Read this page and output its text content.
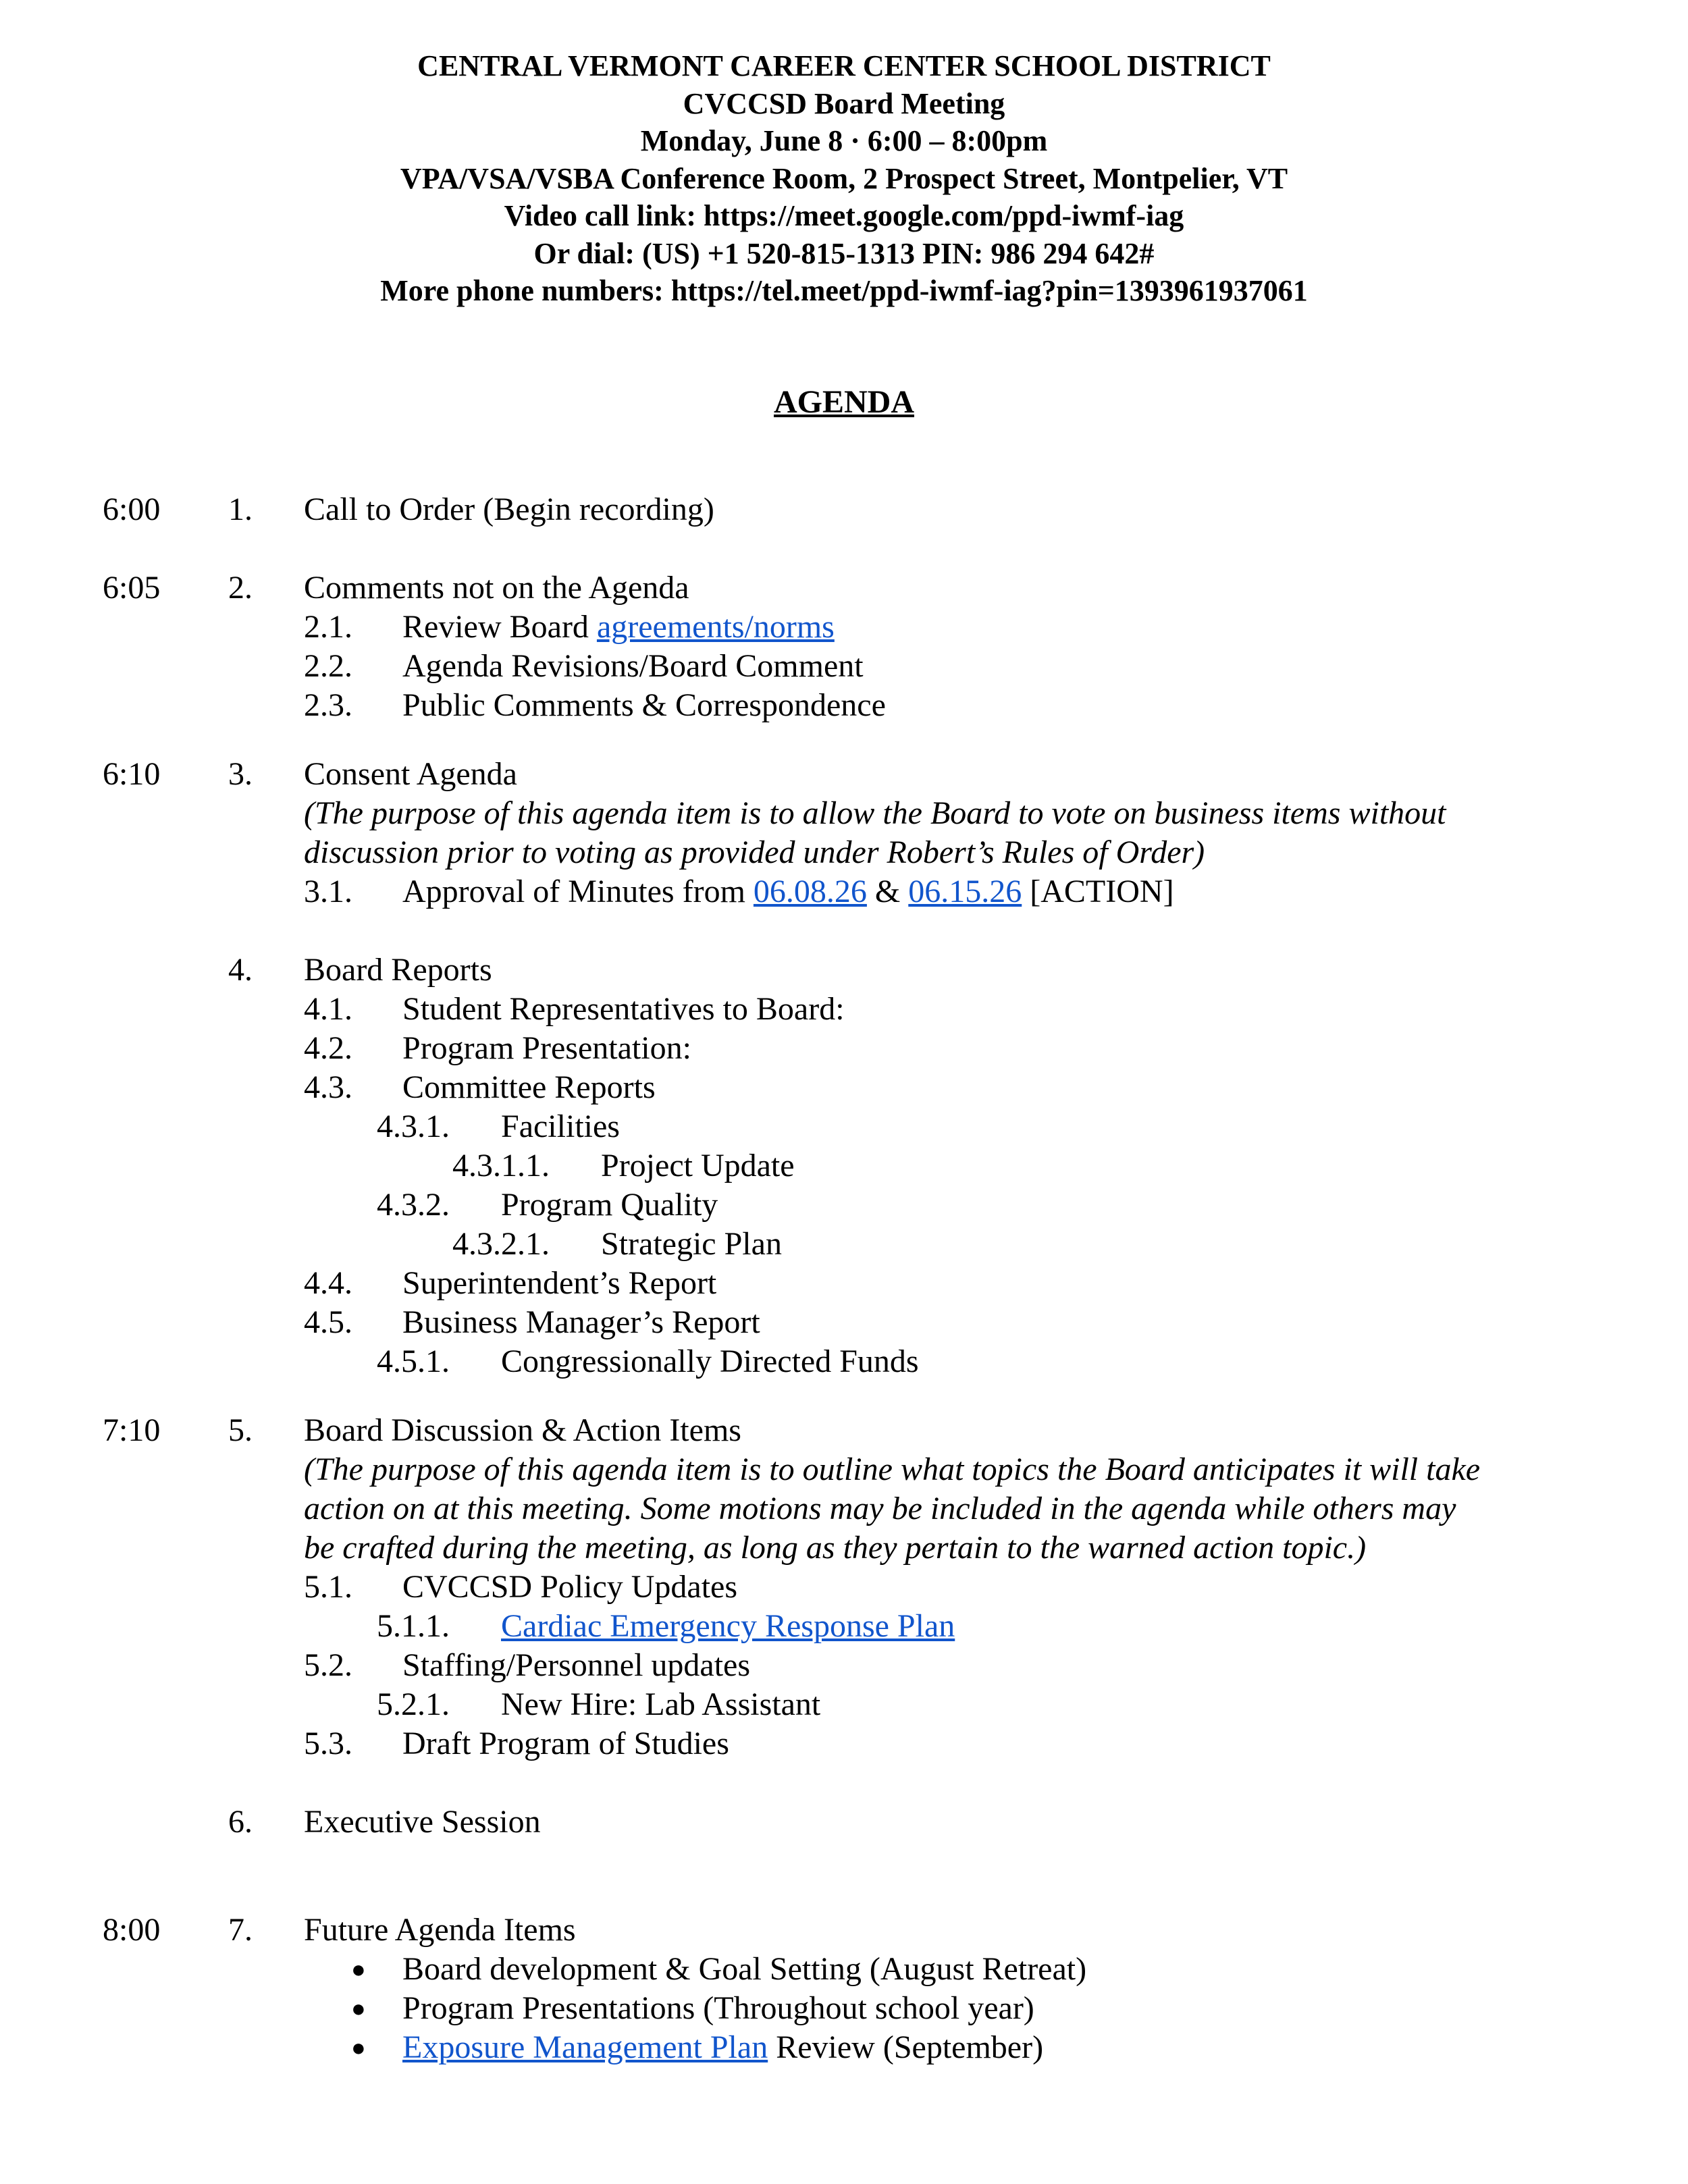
CENTRAL VERMONT CAREER CENTER SCHOOL DISTRICT
CVCCSD Board Meeting
Monday, June 8 · 6:00 – 8:00pm
VPA/VSA/VSBA Conference Room, 2 Prospect Street, Montpelier, VT
Video call link: https://meet.google.com/ppd-iwmf-iag
Or dial: (US) +1 520-815-1313 PIN: 986 294 642#
More phone numbers: https://tel.meet/ppd-iwmf-iag?pin=1393961937061
AGENDA
6:00 1. Call to Order (Begin recording)
6:05 2. Comments not on the Agenda
2.1. Review Board agreements/norms
2.2. Agenda Revisions/Board Comment
2.3. Public Comments & Correspondence
6:10 3. Consent Agenda
(The purpose of this agenda item is to allow the Board to vote on business items without
discussion prior to voting as provided under Robert’s Rules of Order)
3.1. Approval of Minutes from 06.08.26 & 06.15.26 [ACTION]
4. Board Reports
4.1. Student Representatives to Board:
4.2. Program Presentation:
4.3. Committee Reports
4.3.1. Facilities
4.3.1.1. Project Update
4.3.2. Program Quality
4.3.2.1. Strategic Plan
4.4. Superintendent’s Report
4.5. Business Manager’s Report
4.5.1. Congressionally Directed Funds
7:10 5. Board Discussion & Action Items
(The purpose of this agenda item is to outline what topics the Board anticipates it will take
action on at this meeting. Some motions may be included in the agenda while others may
be crafted during the meeting, as long as they pertain to the warned action topic.)
5.1. CVCCSD Policy Updates
5.1.1. Cardiac Emergency Response Plan
5.2. Staffing/Personnel updates
5.2.1. New Hire: Lab Assistant
5.3. Draft Program of Studies
6. Executive Session
8:00 7. Future Agenda Items
● Board development & Goal Setting (August Retreat)
● Program Presentations (Throughout school year)
● Exposure Management Plan Review (September)
